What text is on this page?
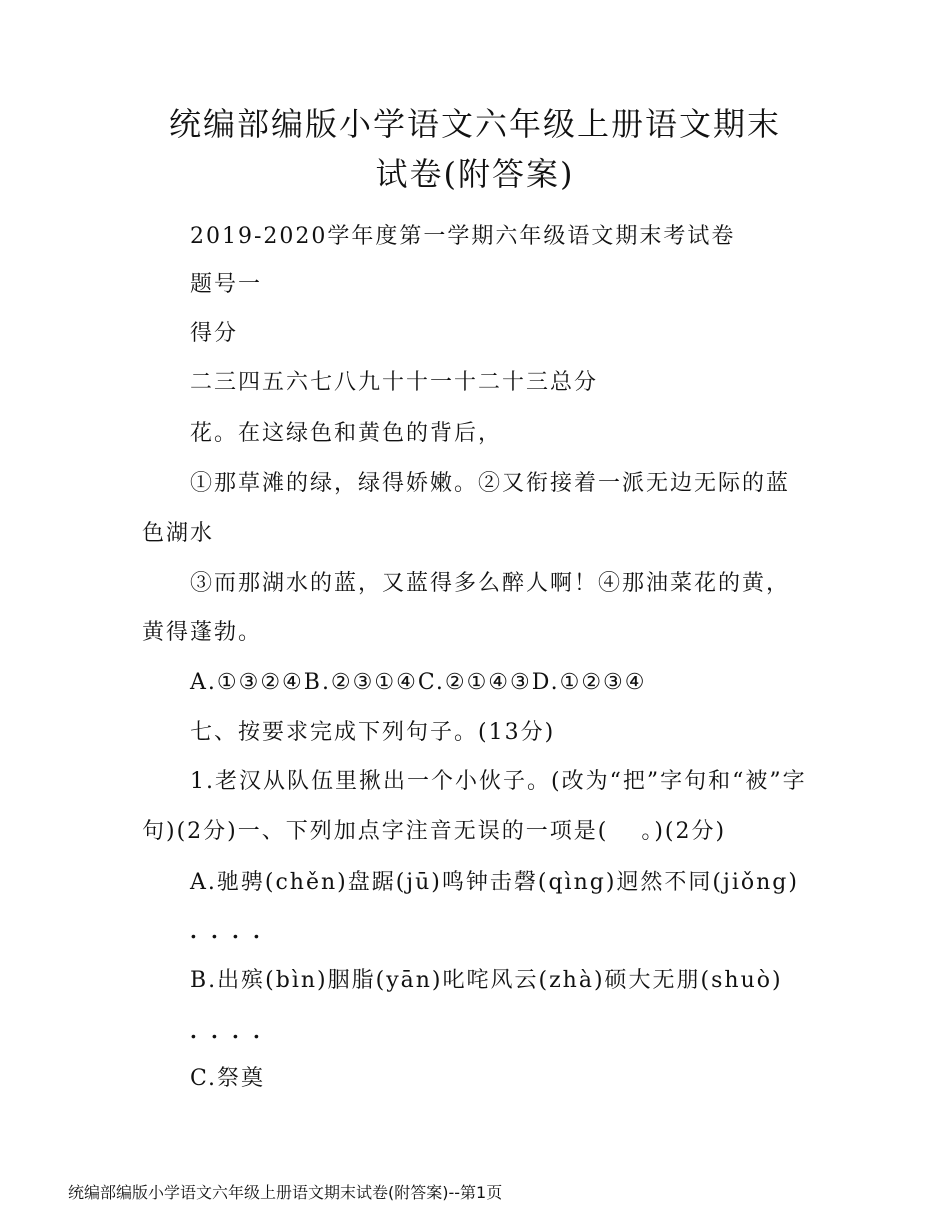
统编部编版小学语文六年级上册语文期末
试卷(附答案)
2019-2020学年度第一学期六年级语文期末考试卷
题号一
得分
二三四五六七八九十十一十二十三总分
花。在这绿色和黄色的背后，
①那草滩的绿，绿得娇嫩。②又衔接着一派无边无际的蓝
色湖水
③而那湖水的蓝，又蓝得多么醉人啊！④那油菜花的黄，
黄得蓬勃。
A.①③②④B.②③①④C.②①④③D.①②③④
七、按要求完成下列句子。(13分)
1.老汉从队伍里揪出一个小伙子。(改为“把”字句和“被”字
句)(2分)一、下列加点字注音无误的一项是(　 。)(2分)
A.驰骋(chěn)盘踞(jū)鸣钟击磬(qìng)迥然不同(jiǒng)
．．．．
B.出殡(bìn)胭脂(yān)叱咤风云(zhà)硕大无朋(shuò)
．．．．
C.祭奠
统编部编版小学语文六年级上册语文期末试卷(附答案)--第1页
